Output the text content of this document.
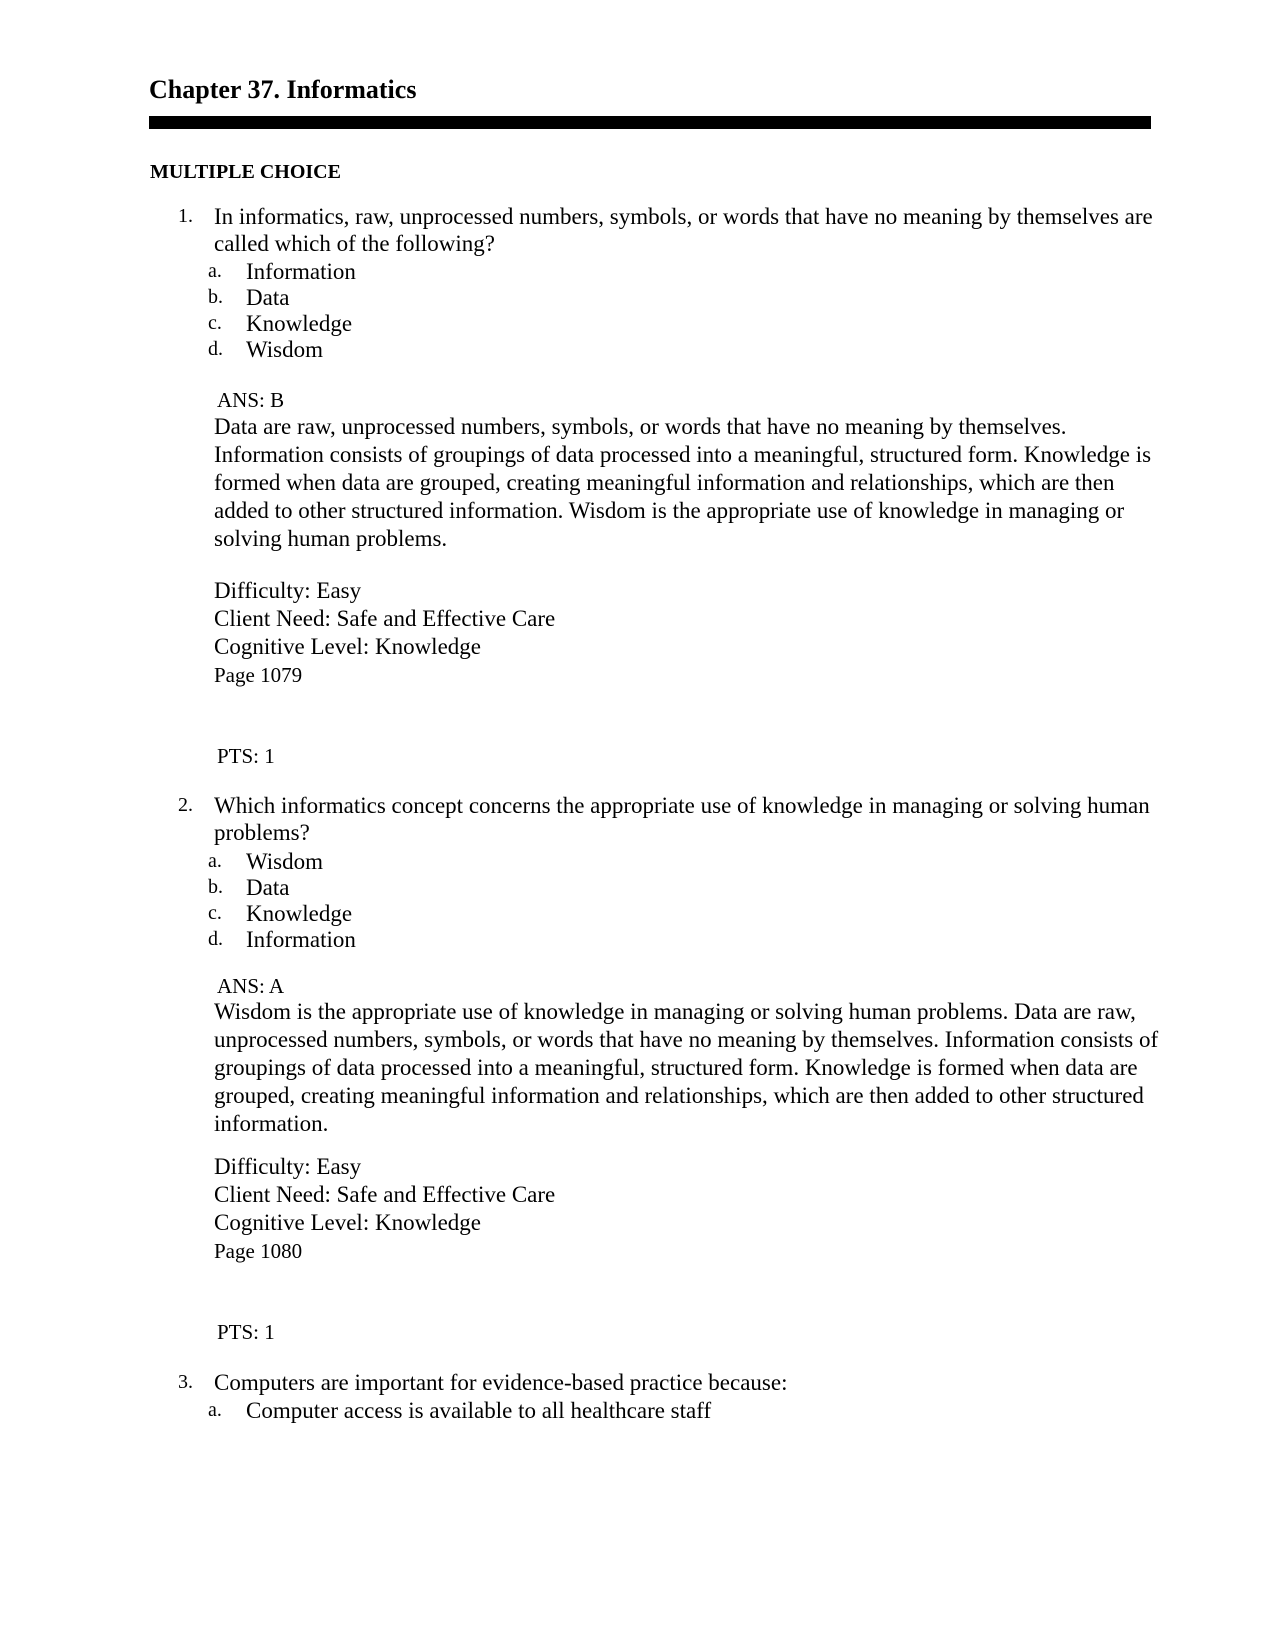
Chapter 37. Informatics
MULTIPLE CHOICE
1. In informatics, raw, unprocessed numbers, symbols, or words that have no meaning by themselves are called which of the following?
a. Information
b. Data
c. Knowledge
d. Wisdom
ANS: B
Data are raw, unprocessed numbers, symbols, or words that have no meaning by themselves. Information consists of groupings of data processed into a meaningful, structured form. Knowledge is formed when data are grouped, creating meaningful information and relationships, which are then added to other structured information. Wisdom is the appropriate use of knowledge in managing or solving human problems.
Difficulty: Easy
Client Need: Safe and Effective Care
Cognitive Level: Knowledge
Page 1079
PTS: 1
2. Which informatics concept concerns the appropriate use of knowledge in managing or solving human problems?
a. Wisdom
b. Data
c. Knowledge
d. Information
ANS: A
Wisdom is the appropriate use of knowledge in managing or solving human problems. Data are raw, unprocessed numbers, symbols, or words that have no meaning by themselves. Information consists of groupings of data processed into a meaningful, structured form. Knowledge is formed when data are grouped, creating meaningful information and relationships, which are then added to other structured information.
Difficulty: Easy
Client Need: Safe and Effective Care
Cognitive Level: Knowledge
Page 1080
PTS: 1
3. Computers are important for evidence-based practice because:
a. Computer access is available to all healthcare staff
